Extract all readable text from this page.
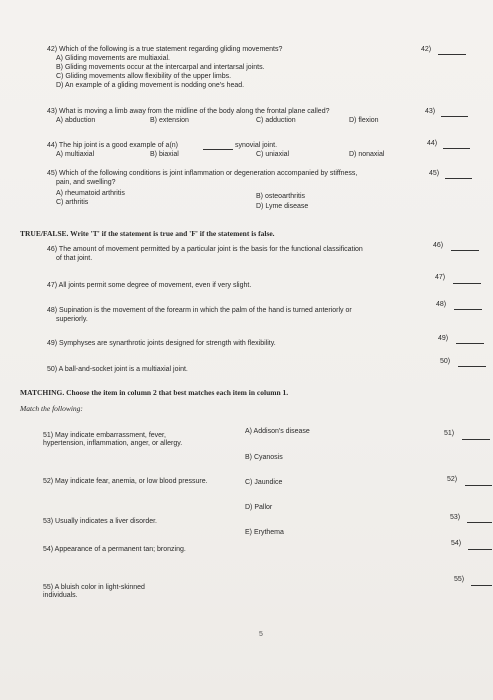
42) Which of the following is a true statement regarding gliding movements?
A) Gliding movements are multiaxial.
B) Gliding movements occur at the intercarpal and intertarsal joints.
C) Gliding movements allow flexibility of the upper limbs.
D) An example of a gliding movement is nodding one's head.
42)
43) What is moving a limb away from the midline of the body along the frontal plane called?
A) abduction	B) extension	C) adduction	D) flexion
43)
44) The hip joint is a good example of a(n)	synovial joint.
A) multiaxial	B) biaxial	C) uniaxial	D) nonaxial
44)
45) Which of the following conditions is joint inflammation or degeneration accompanied by stiffness,
pain, and swelling?
A) rheumatoid arthritis	B) osteoarthritis
C) arthritis
D) Lyme disease
45)
TRUE/FALSE. Write 'T' if the statement is true and 'F' if the statement is false.
46) The amount of movement permitted by a particular joint is the basis for the functional classification
of that joint.
46)
47) All joints permit some degree of movement, even if very slight.
47)
48) Supination is the movement of the forearm in which the palm of the hand is turned anteriorly or
superiorly.
48)
49) Symphyses are synarthrotic joints designed for strength with flexibility.
49)
50) A ball-and-socket joint is a multiaxial joint.
50)
MATCHING. Choose the item in column 2 that best matches each item in column 1.
Match the following:
51) May indicate embarrassment, fever, hypertension, inflammation, anger, or allergy.
A) Addison's disease	51)
B) Cyanosis
52) May indicate fear, anemia, or low blood pressure.	C) Jaundice	52)
D) Pallor
53) Usually indicates a liver disorder.
53)
E) Erythema
54) Appearance of a permanent tan; bronzing.
54)
55) A bluish color in light-skinned individuals.
55)
5
